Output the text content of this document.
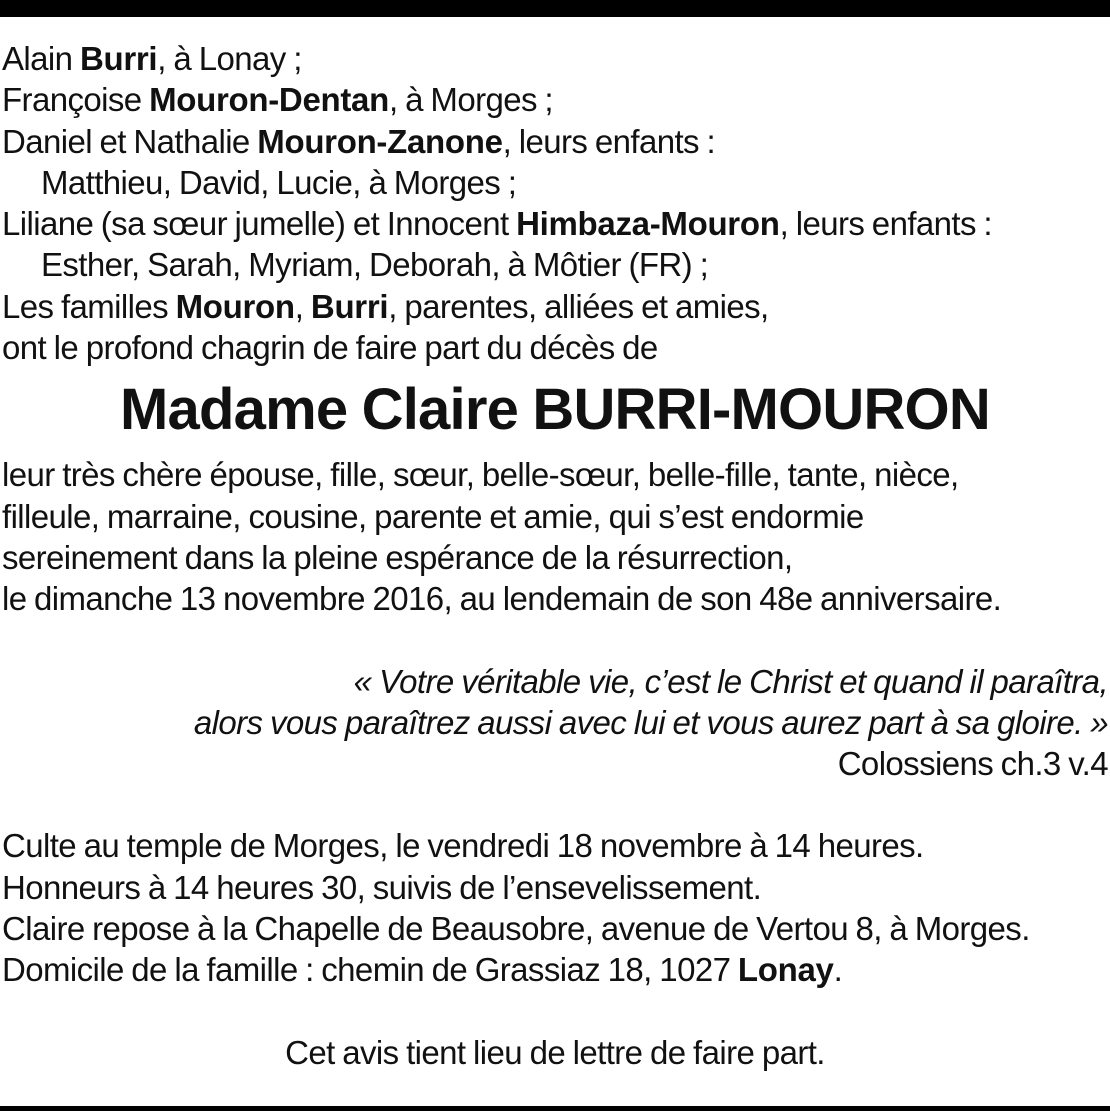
Alain Burri, à Lonay ;
Françoise Mouron-Dentan, à Morges ;
Daniel et Nathalie Mouron-Zanone, leurs enfants :
Matthieu, David, Lucie, à Morges ;
Liliane (sa sœur jumelle) et Innocent Himbaza-Mouron, leurs enfants :
Esther, Sarah, Myriam, Deborah, à Môtier (FR) ;
Les familles Mouron, Burri, parentes, alliées et amies,
ont le profond chagrin de faire part du décès de
Madame Claire BURRI-MOURON
leur très chère épouse, fille, sœur, belle-sœur, belle-fille, tante, nièce,
filleule, marraine, cousine, parente et amie, qui s’est endormie
sereinement dans la pleine espérance de la résurrection,
le dimanche 13 novembre 2016, au lendemain de son 48e anniversaire.
« Votre véritable vie, c’est le Christ et quand il paraîtra,
alors vous paraîtrez aussi avec lui et vous aurez part à sa gloire. »
Colossiens ch.3 v.4
Culte au temple de Morges, le vendredi 18 novembre à 14 heures.
Honneurs à 14 heures 30, suivis de l’ensevelissement.
Claire repose à la Chapelle de Beausobre, avenue de Vertou 8, à Morges.
Domicile de la famille : chemin de Grassiaz 18, 1027 Lonay.
Cet avis tient lieu de lettre de faire part.
